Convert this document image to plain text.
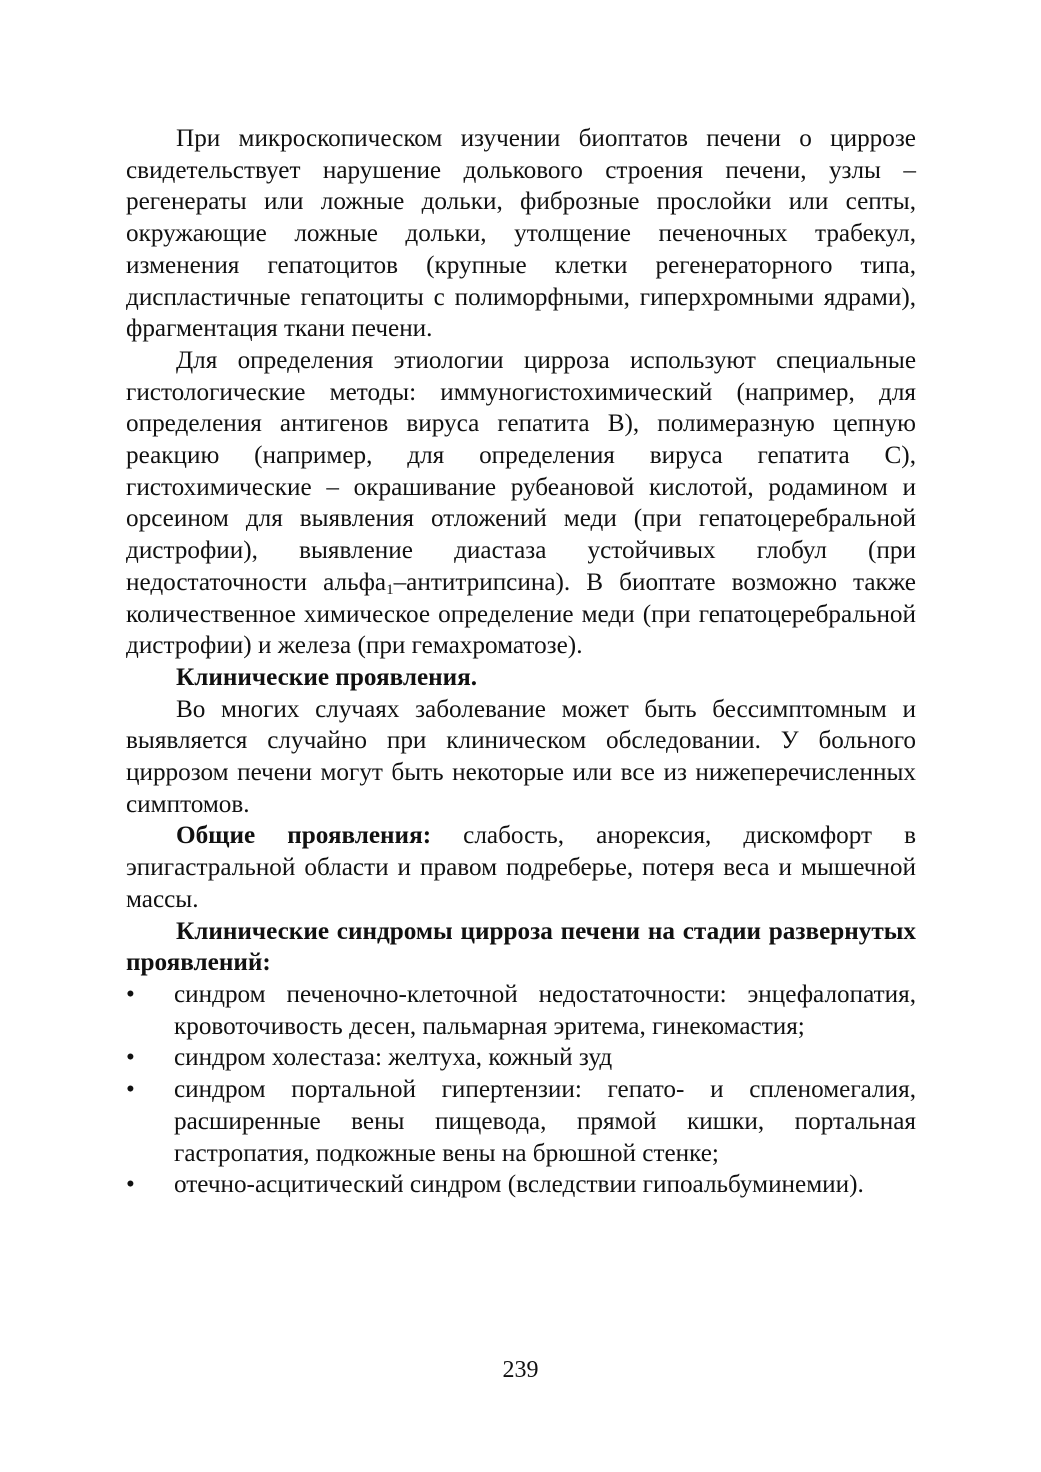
При микроскопическом изучении биоптатов печени о циррозе свидетельствует нарушение долькового строения печени, узлы – регенераты или ложные дольки, фиброзные прослойки или септы, окружающие ложные дольки, утолщение печеночных трабекул, изменения гепатоцитов (крупные клетки регенераторного типа, диспластичные гепатоциты с полиморфными, гиперхромными ядрами), фрагментация ткани печени.

Для определения этиологии цирроза используют специальные гистологические методы: иммуногистохимический (например, для определения антигенов вируса гепатита В), полимеразную цепную реакцию (например, для определения вируса гепатита С), гистохимические – окрашивание рубеановой кислотой, родамином и орсеином для выявления отложений меди (при гепатоцеребральной дистрофии), выявление диастаза устойчивых глобул (при недостаточности альфа$_1$–антитрипсина). В биоптате возможно также количественное химическое определение меди (при гепатоцеребральной дистрофии) и железа (при гемахроматозе).

Клинические проявления.

Во многих случаях заболевание может быть бессимптомным и выявляется случайно при клиническом обследовании. У больного циррозом печени могут быть некоторые или все из нижеперечисленных симптомов.

Общие проявления: слабость, анорексия, дискомфорт в эпигастральной области и правом подреберье, потеря веса и мышечной массы.

Клинические синдромы цирроза печени на стадии развернутых проявлений:

•	синдром печеночно-клеточной недостаточности: энцефалопатия, кровоточивость десен, пальмарная эритема, гинекомастия;
•	синдром холестаза: желтуха, кожный зуд
•	синдром портальной гипертензии: гепато- и спленомегалия, расширенные вены пищевода, прямой кишки, портальная гастропатия, подкожные вены на брюшной стенке;
•	отечно-асцитический синдром (вследствии гипоальбуминемии).
239
